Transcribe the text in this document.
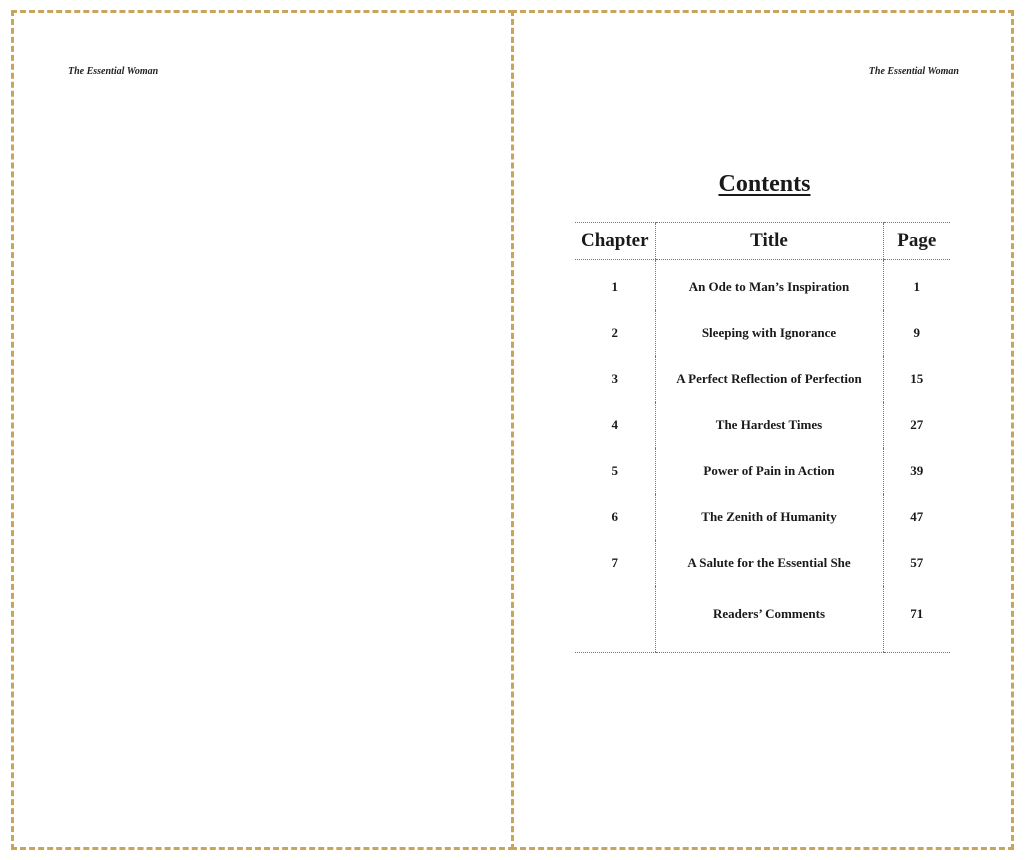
The Essential Woman	The Essential Woman
Contents
Chapter	Title	Page
1	An Ode to Man’s Inspiration	1
2	Sleeping with Ignorance	9
3	A Perfect Reflection of Perfection	15
4	The Hardest Times	27
5	Power of Pain in Action	39
6	The Zenith of Humanity	47
7	A Salute for the Essential She	57
	Readers’ Comments	71
